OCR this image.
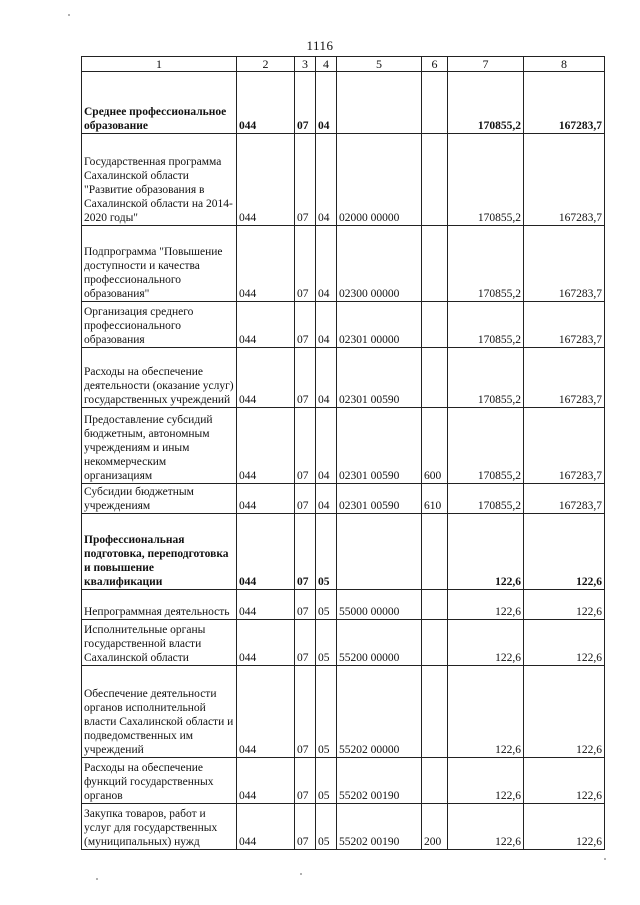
1116
1	2	3	4	5	6	7	8
Среднее профессиональное образование	044	07	04			170855,2	167283,7
Государственная программа Сахалинской области "Развитие образования в Сахалинской области на 2014-2020 годы"	044	07	04	02000 00000		170855,2	167283,7
Подпрограмма "Повышение доступности и качества профессионального образования"	044	07	04	02300 00000		170855,2	167283,7
Организация среднего профессионального образования	044	07	04	02301 00000		170855,2	167283,7
Расходы на обеспечение деятельности (оказание услуг) государственных учреждений	044	07	04	02301 00590		170855,2	167283,7
Предоставление субсидий бюджетным, автономным учреждениям и иным некоммерческим организациям	044	07	04	02301 00590	600	170855,2	167283,7
Субсидии бюджетным учреждениям	044	07	04	02301 00590	610	170855,2	167283,7
Профессиональная подготовка, переподготовка и повышение квалификации	044	07	05			122,6	122,6
Непрограммная деятельность	044	07	05	55000 00000		122,6	122,6
Исполнительные органы государственной власти Сахалинской области	044	07	05	55200 00000		122,6	122,6
Обеспечение деятельности органов исполнительной власти Сахалинской области и подведомственных им учреждений	044	07	05	55202 00000		122,6	122,6
Расходы на обеспечение функций государственных органов	044	07	05	55202 00190		122,6	122,6
Закупка товаров, работ и услуг для государственных (муниципальных) нужд	044	07	05	55202 00190	200	122,6	122,6
